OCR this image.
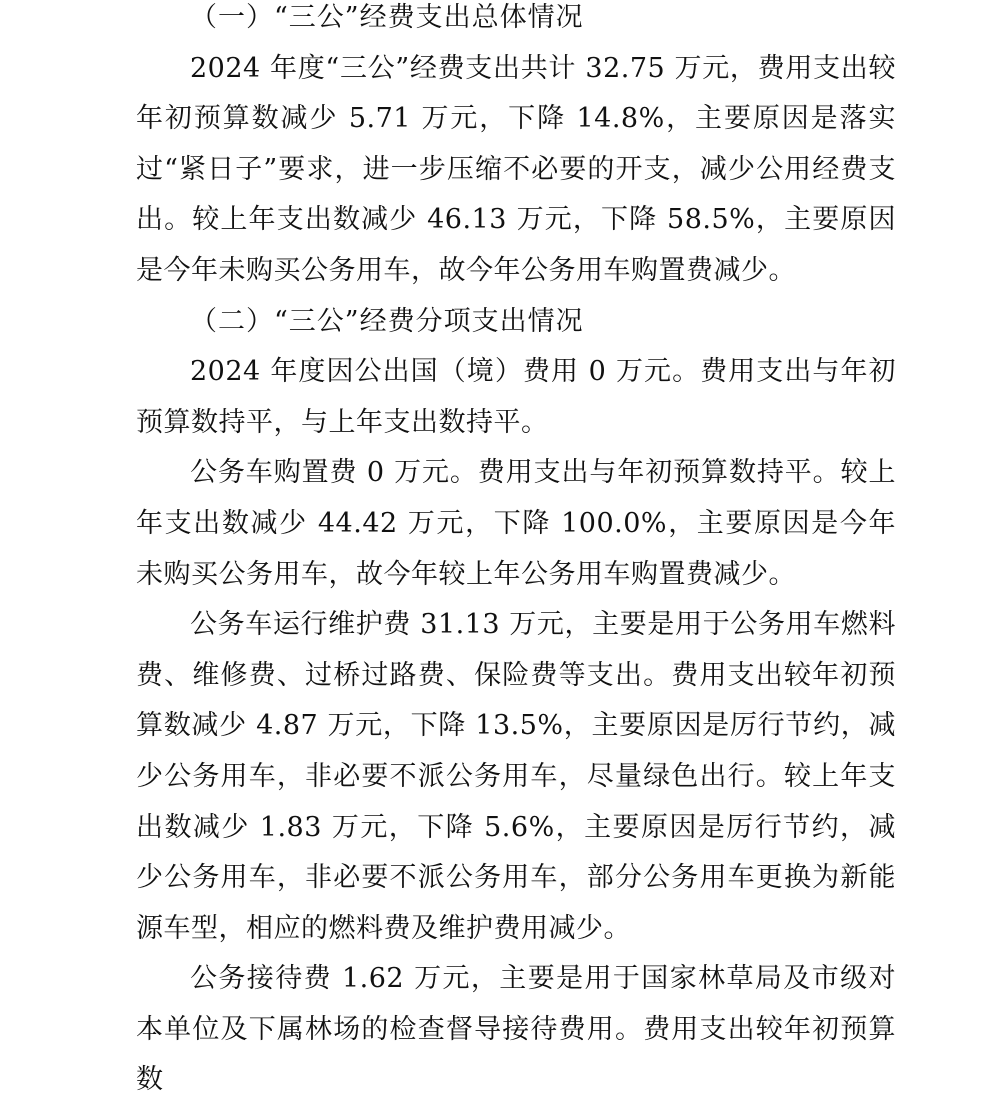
（一）“三公”经费支出总体情况

2024 年度“三公”经费支出共计 32.75 万元，费用支出较年初预算数减少 5.71 万元，下降 14.8%，主要原因是落实过“紧日子”要求，进一步压缩不必要的开支，减少公用经费支出。较上年支出数减少 46.13 万元，下降 58.5%，主要原因是今年未购买公务用车，故今年公务用车购置费减少。

（二）“三公”经费分项支出情况

2024 年度因公出国（境）费用 0 万元。费用支出与年初预算数持平，与上年支出数持平。

公务车购置费 0 万元。费用支出与年初预算数持平。较上年支出数减少 44.42 万元，下降 100.0%，主要原因是今年未购买公务用车，故今年较上年公务用车购置费减少。

公务车运行维护费 31.13 万元，主要是用于公务用车燃料费、维修费、过桥过路费、保险费等支出。费用支出较年初预算数减少 4.87 万元，下降 13.5%，主要原因是厉行节约，减少公务用车，非必要不派公务用车，尽量绿色出行。较上年支出数减少 1.83 万元，下降 5.6%，主要原因是厉行节约，减少公务用车，非必要不派公务用车，部分公务用车更换为新能源车型，相应的燃料费及维护费用减少。

公务接待费 1.62 万元，主要是用于国家林草局及市级对本单位及下属林场的检查督导接待费用。费用支出较年初预算数
